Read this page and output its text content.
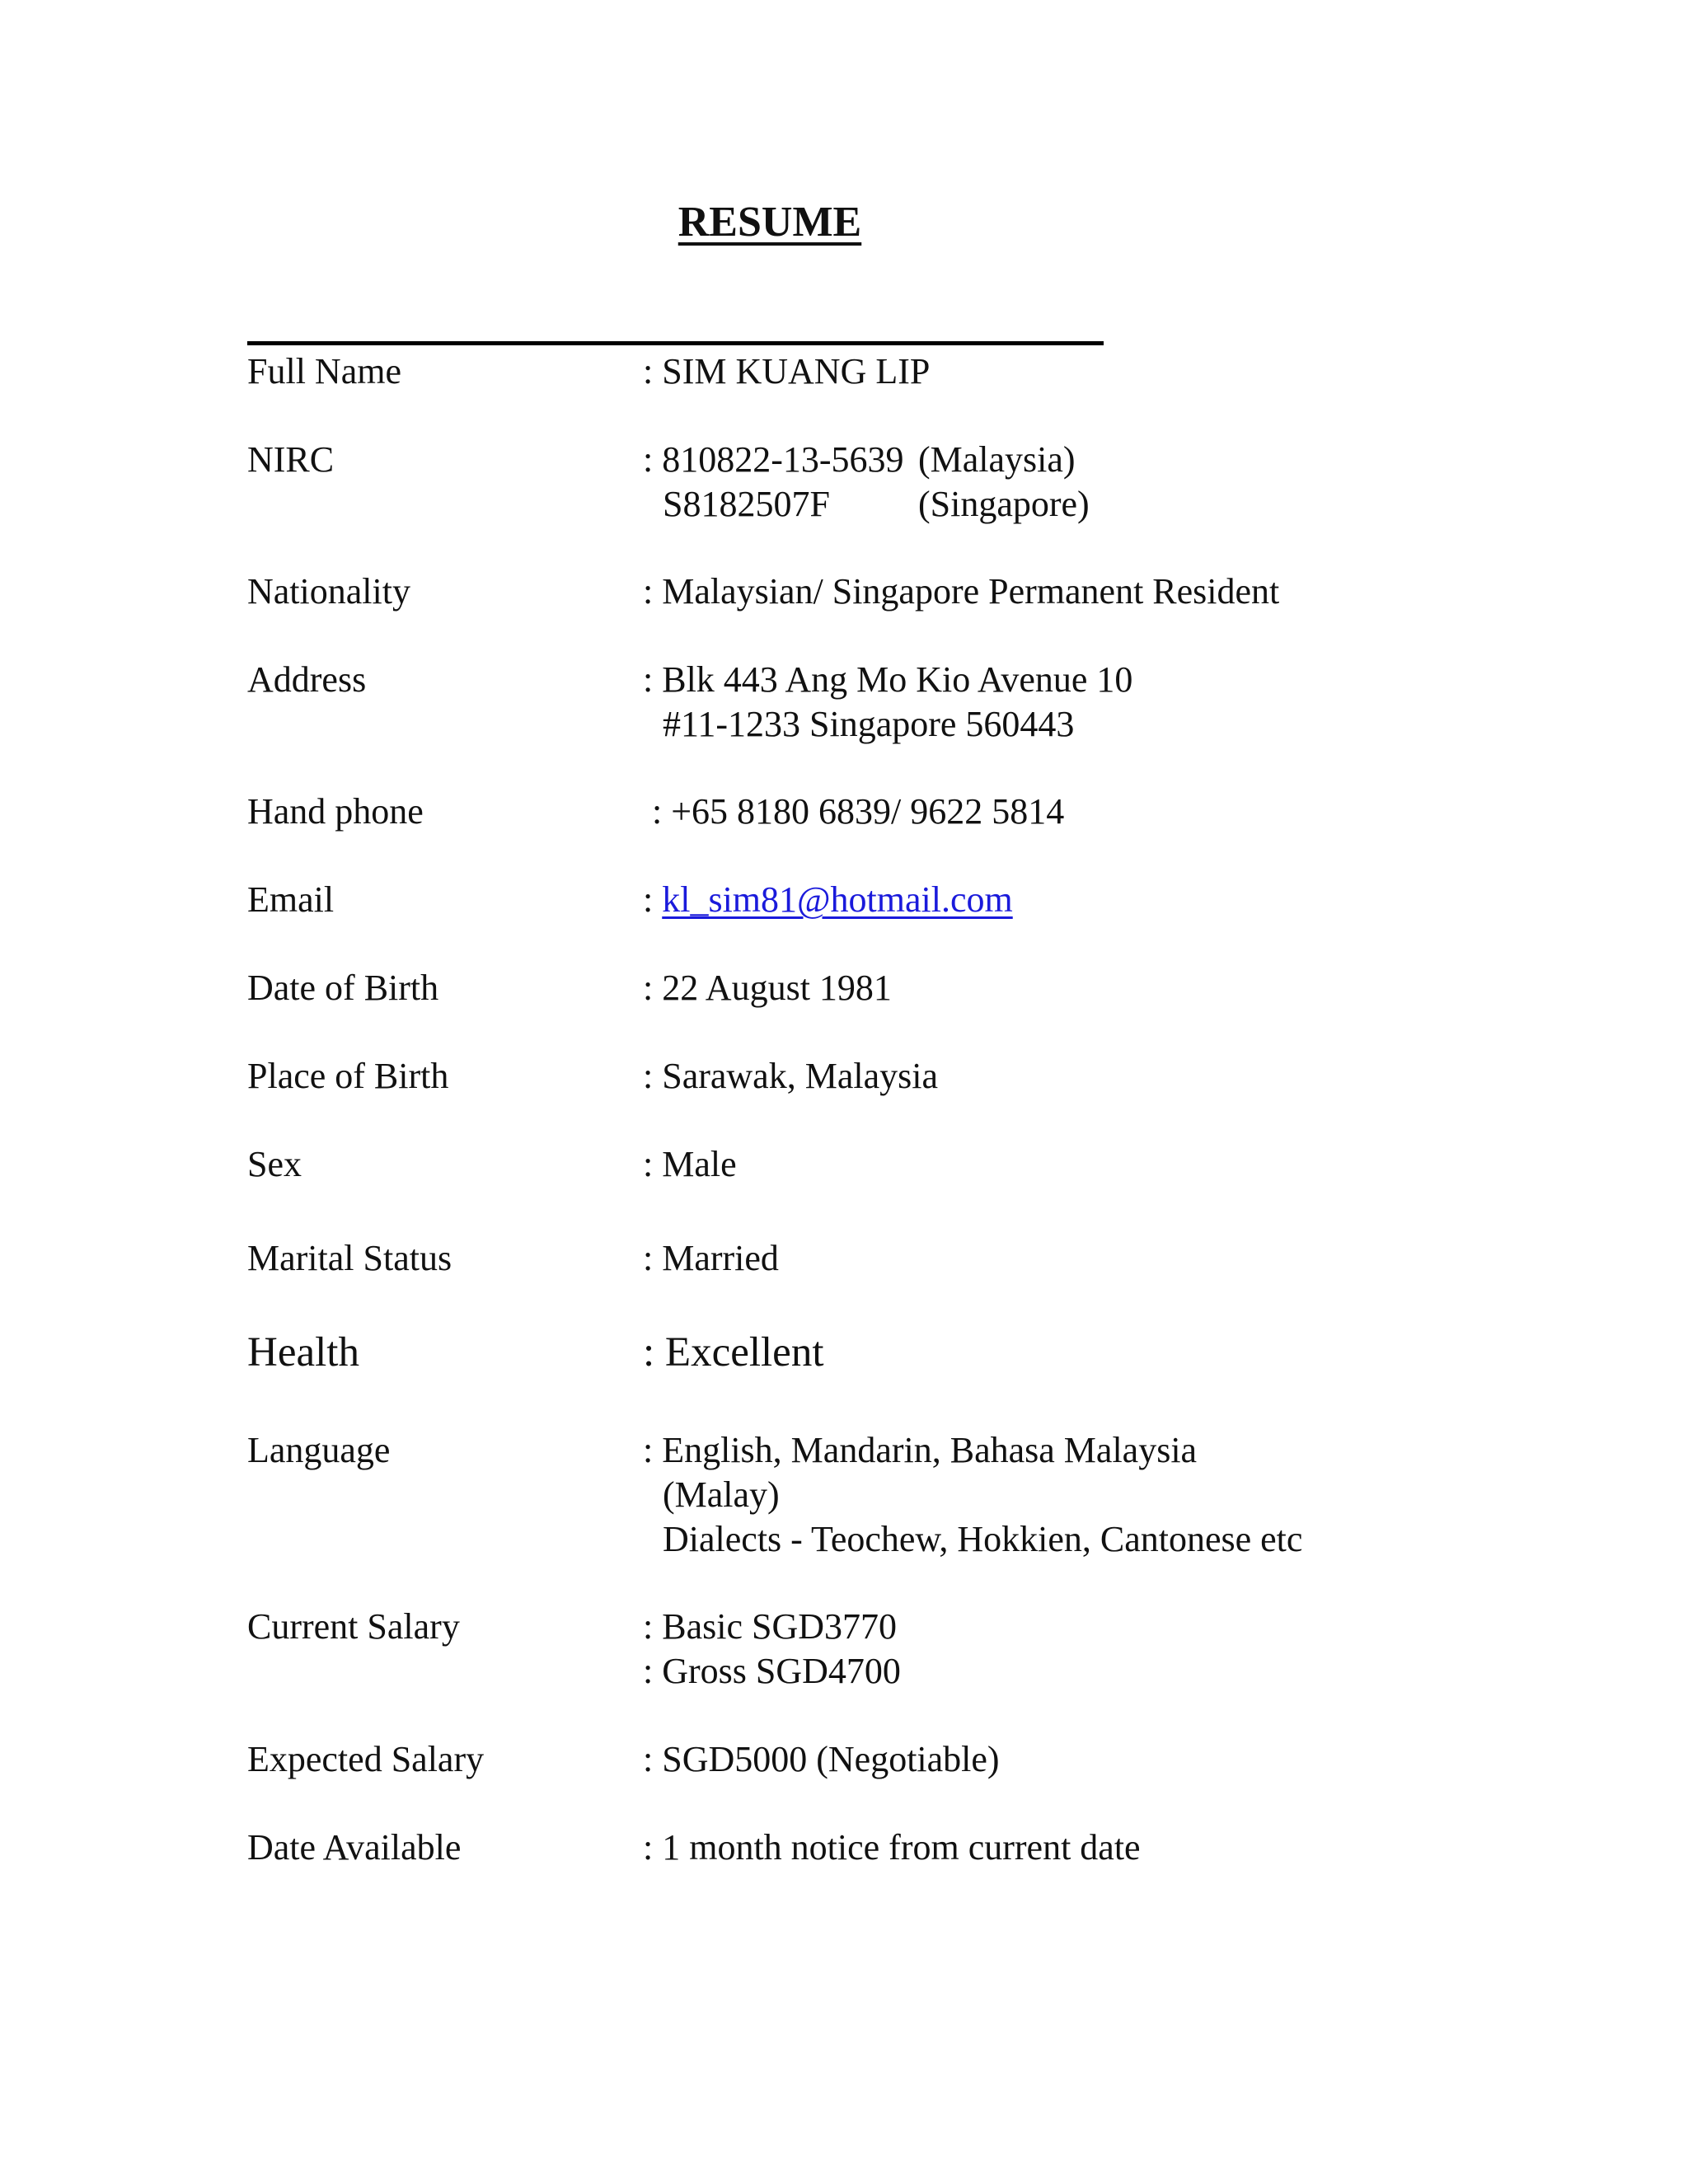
RESUME
Full Name	: SIM KUANG LIP
NIRC	: 810822-13-5639 (Malaysia)
S8182507F (Singapore)
Nationality	: Malaysian/ Singapore Permanent Resident
Address	: Blk 443 Ang Mo Kio Avenue 10
#11-1233 Singapore 560443
Hand phone	: +65 8180 6839/ 9622 5814
Email	: kl_sim81@hotmail.com
Date of Birth	: 22 August 1981
Place of Birth	: Sarawak, Malaysia
Sex	: Male
Marital Status	: Married
Health	: Excellent
Language	: English, Mandarin, Bahasa Malaysia
(Malay)
Dialects - Teochew, Hokkien, Cantonese etc
Current Salary	: Basic SGD3770
: Gross SGD4700
Expected Salary	: SGD5000 (Negotiable)
Date Available	: 1 month notice from current date
